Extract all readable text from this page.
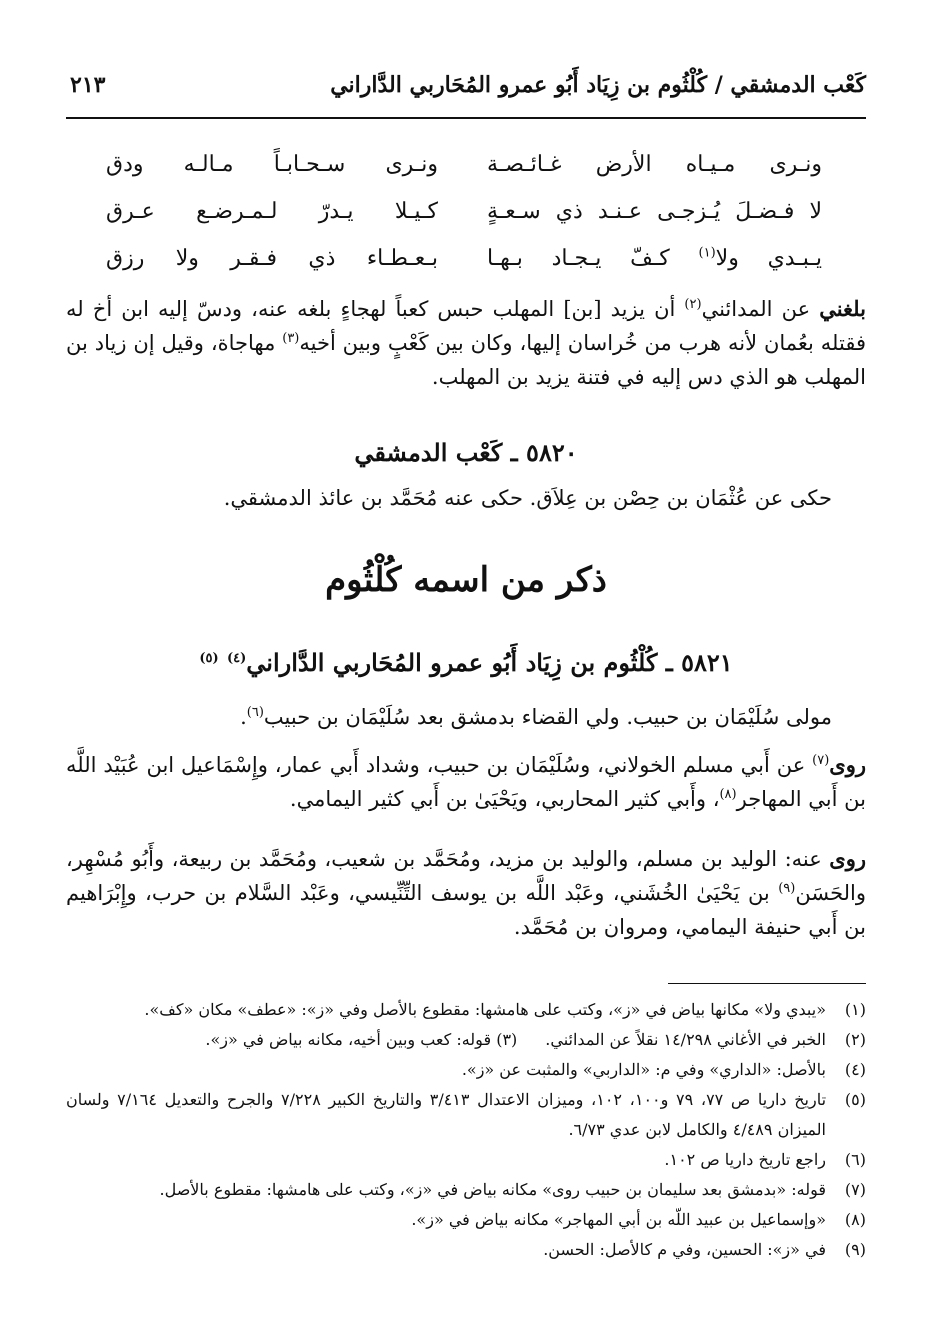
كَعْب الدمشقي / كُلْثُوم بن زِيَاد أَبُو عمرو المُحَاربي الدَّاراني
٢١٣
ونـرى مـيـاه الأرض غـائـصـة
ونـرى سـحـابـاً مـالـه ودق
لا فـضـلَ يُـزجـى عـنـد ذي سـعـةٍ
كـيـلا يـدرّ لـمـرضـع عـرق
يـبـدي ولا$^{(١)}$ كـفّ يـجـاد بـهـا
بـعـطـاء ذي فـقـر ولا رزق
بلغني عن المدائني$^{(٢)}$ أن يزيد [بن] المهلب حبس كعباً لهجاءٍ بلغه عنه، ودسّ إليه ابن أخ له فقتله بعُمان لأنه هرب من خُراسان إليها، وكان بين كَعْبٍ وبين أخيه$^{(٣)}$ مهاجاة، وقيل إن زياد بن المهلب هو الذي دس إليه في فتنة يزيد بن المهلب.
٥٨٢٠ ـ كَعْب الدمشقي
حكى عن عُثْمَان بن حِصْن بن عِلاَق. حكى عنه مُحَمَّد بن عائذ الدمشقي.
ذكر من اسمه كُلْثُوم
٥٨٢١ ـ كُلْثُوم بن زِيَاد أَبُو عمرو المُحَاربي الدَّاراني$^{(٤)}$ $^{(٥)}$
مولى سُلَيْمَان بن حبيب. ولي القضاء بدمشق بعد سُلَيْمَان بن حبيب$^{(٦)}$.
روى$^{(٧)}$ عن أَبي مسلم الخولاني، وسُلَيْمَان بن حبيب، وشداد أَبي عمار، وإِسْمَاعيل ابن عُبَيْد اللَّه بن أَبي المهاجر$^{(٨)}$، وأَبي كثير المحاربي، ويَحْيَىٰ بن أَبي كثير اليمامي.
روى عنه: الوليد بن مسلم، والوليد بن مزيد، ومُحَمَّد بن شعيب، ومُحَمَّد بن ربيعة، وأَبُو مُسْهِر، والحَسَن$^{(٩)}$ بن يَحْيَىٰ الخُشَني، وعَبْد اللَّه بن يوسف التِّنِّيسي، وعَبْد السَّلام بن حرب، وإِبْرَاهيم بن أَبي حنيفة اليمامي، ومروان بن مُحَمَّد.
(١)
«يبدي ولا» مكانها بياض في «ز»، وكتب على هامشها: مقطوع بالأصل وفي «ز»: «عطف» مكان «كف».
(٢)
الخبر في الأغاني ١٤/٢٩٨ نقلاً عن المدائني.(٣) قوله: كعب وبين أخيه، مكانه بياض في «ز».
(٤)
بالأصل: «الداري» وفي م: «الداربي» والمثبت عن «ز».
(٥)
تاريخ داريا ص ٧٧، ٧٩ و١٠٠، ١٠٢، وميزان الاعتدال ٣/٤١٣ والتاريخ الكبير ٧/٢٢٨ والجرح والتعديل ٧/١٦٤ ولسان الميزان ٤/٤٨٩ والكامل لابن عدي ٦/٧٣.
(٦)
راجع تاريخ داريا ص ١٠٢.
(٧)
قوله: «بدمشق بعد سليمان بن حبيب روى» مكانه بياض في «ز»، وكتب على هامشها: مقطوع بالأصل.
(٨)
«وإسماعيل بن عبيد اللّه بن أبي المهاجر» مكانه بياض في «ز».
(٩)
في «ز»: الحسين، وفي م كالأصل: الحسن.
